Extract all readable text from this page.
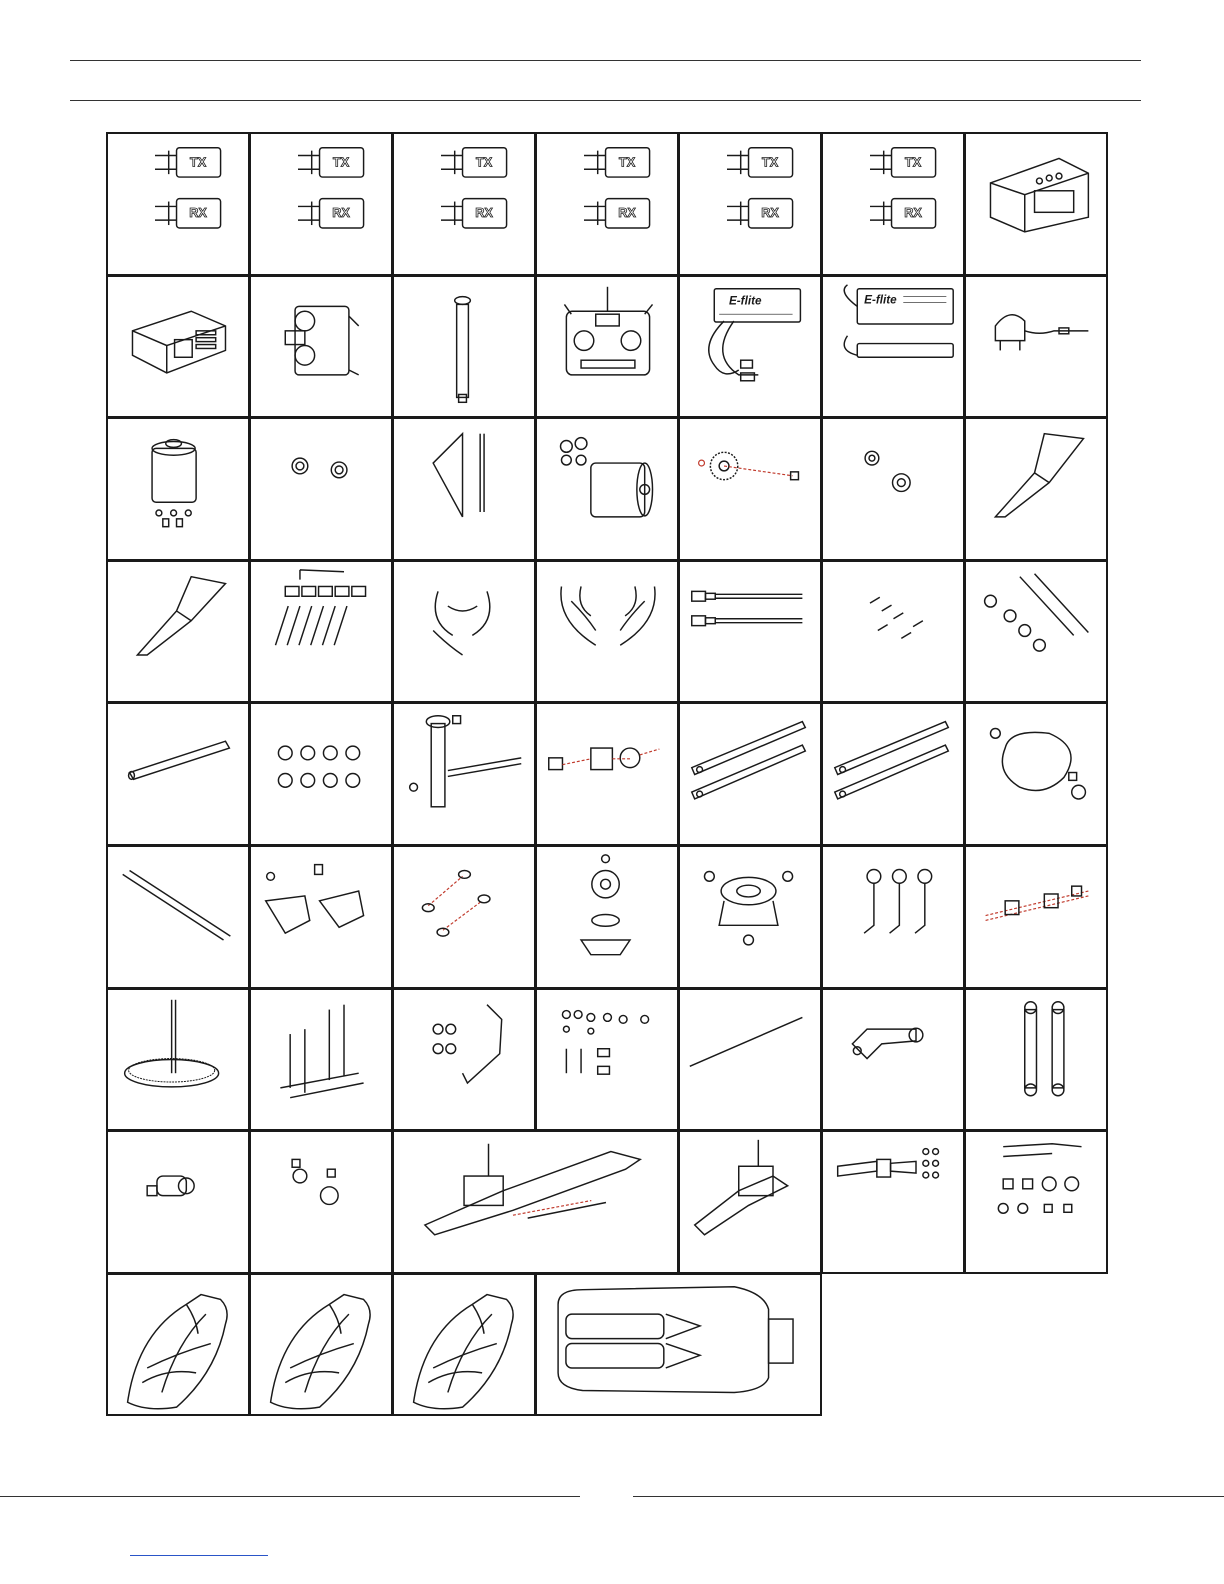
TX
RX
TX
RX
TX
RX
TX
RX
TX
RX
TX
RX
E-flite	E-flite
